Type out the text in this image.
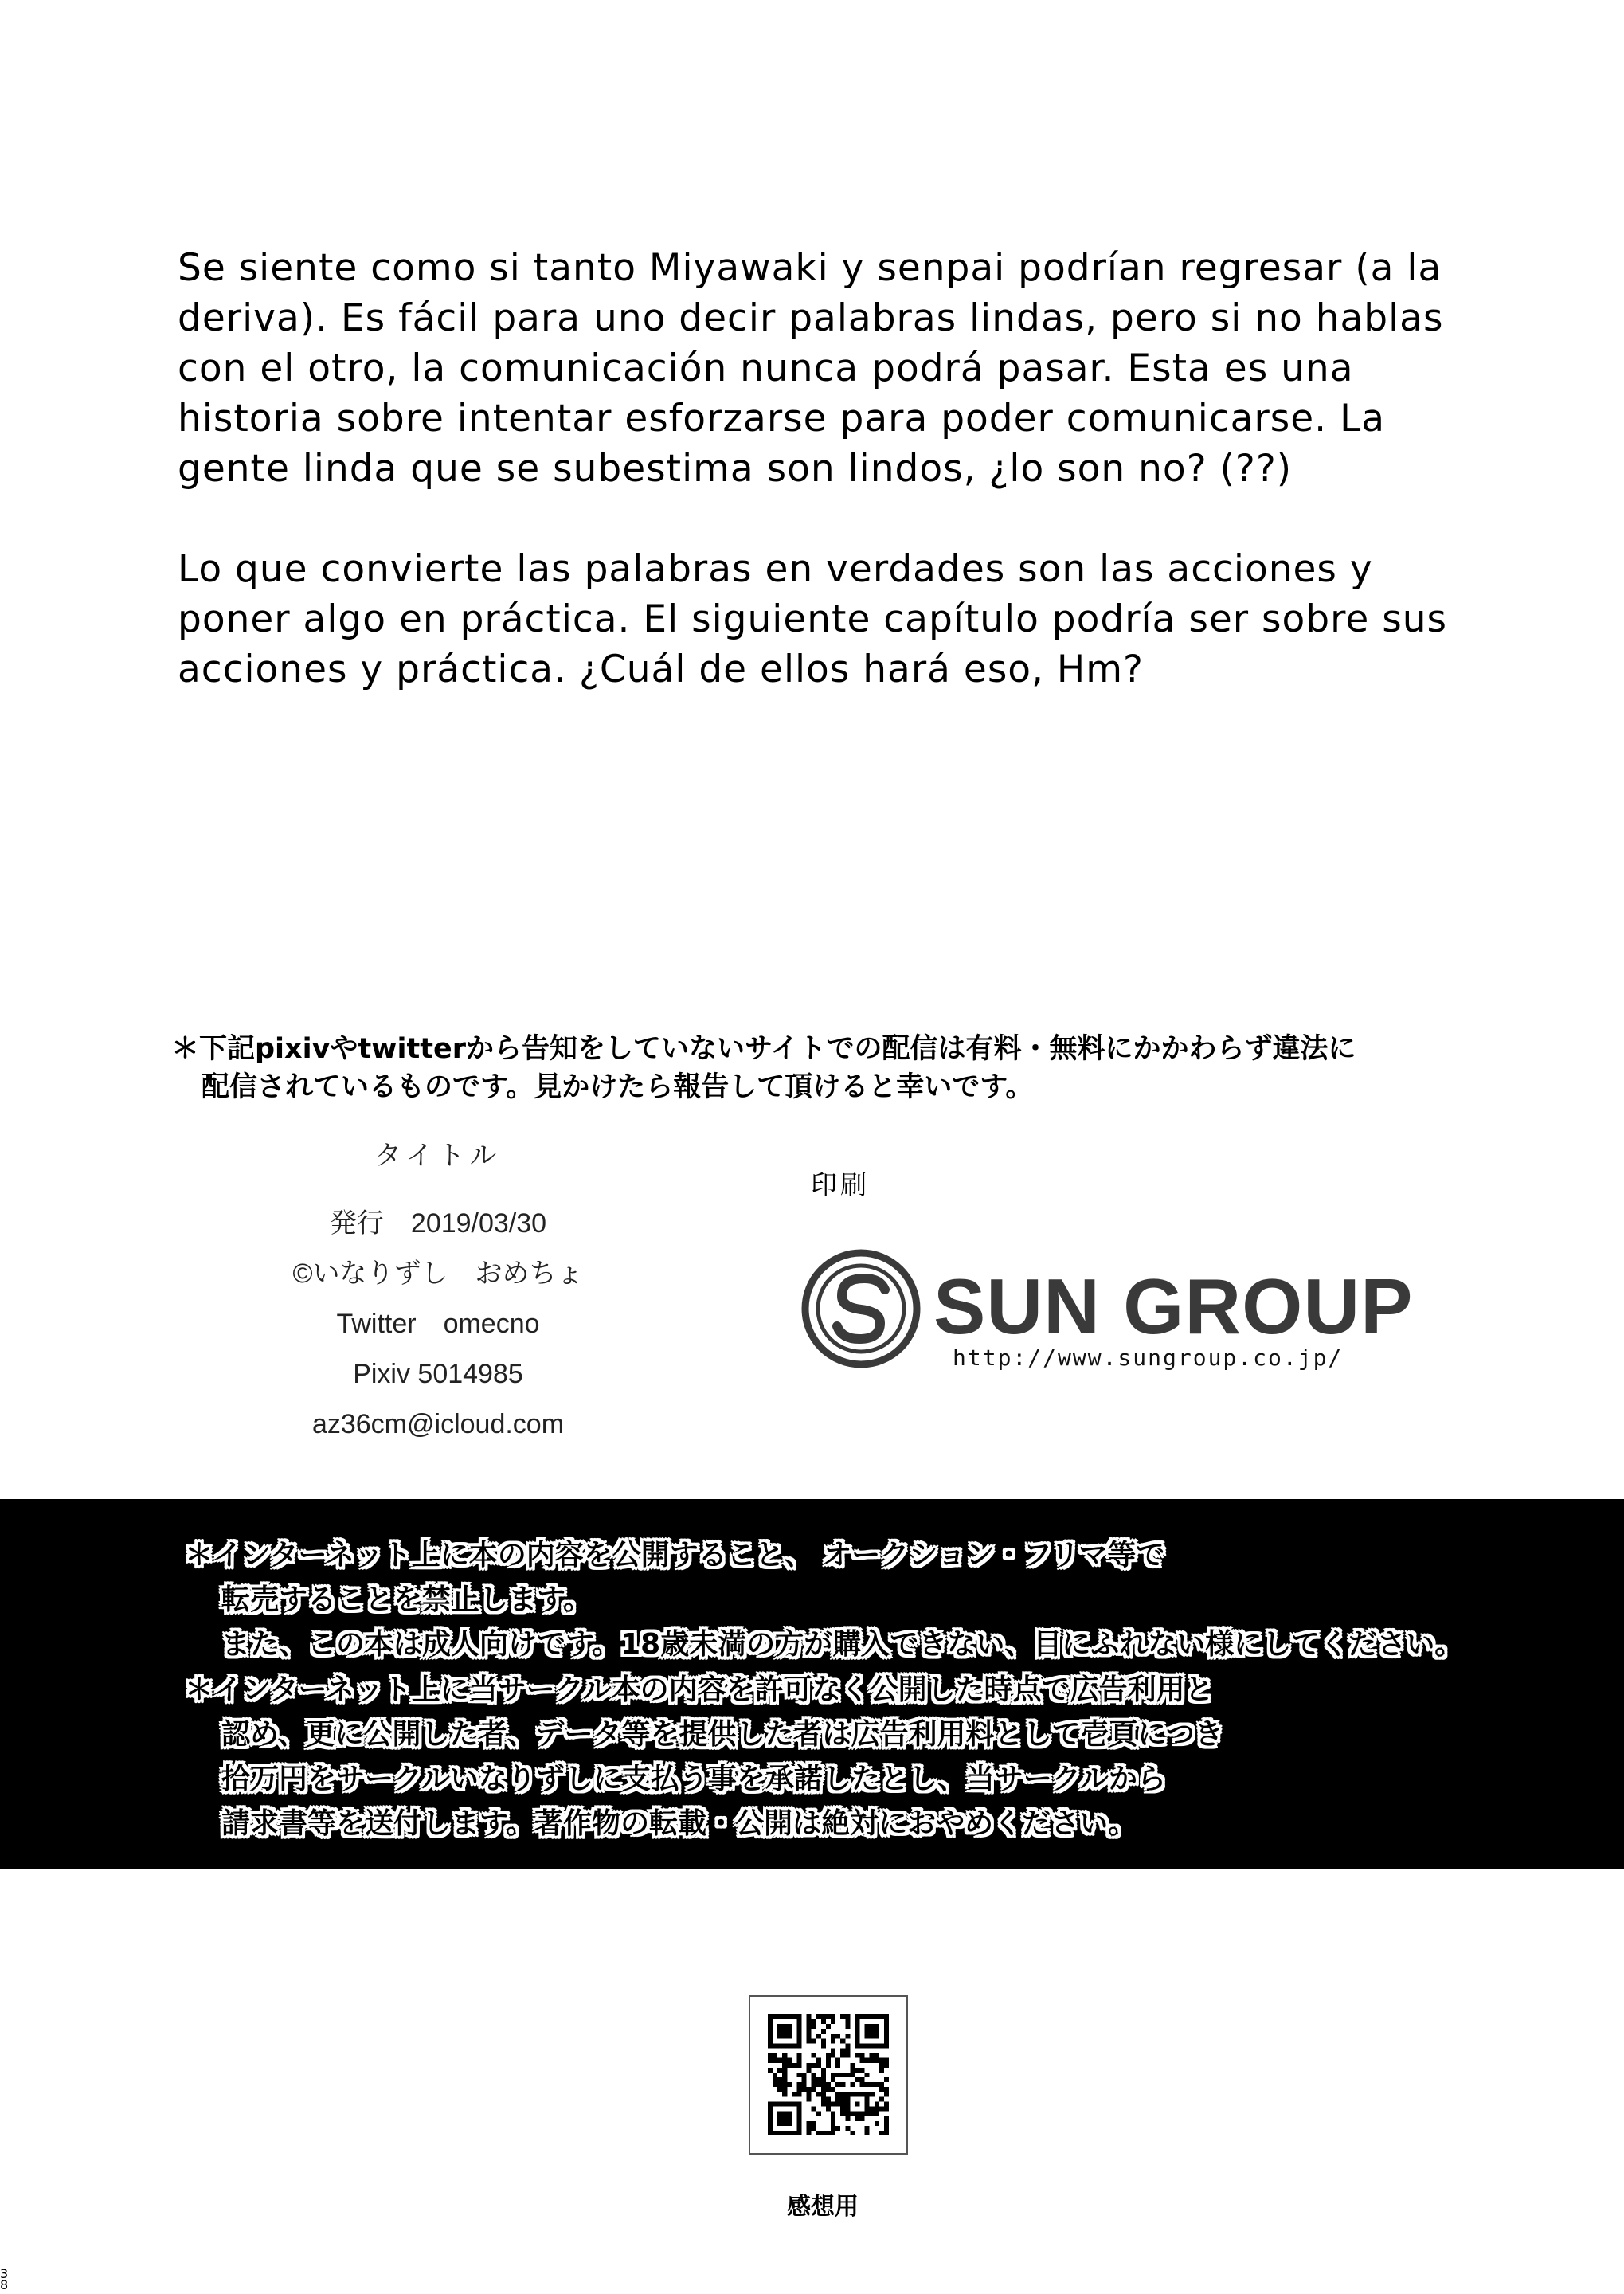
Se siente como si tanto Miyawaki y senpai podrían regresar (a la deriva). Es fácil para uno decir palabras lindas, pero si no hablas con el otro, la comunicación nunca podrá pasar. Esta es una historia sobre intentar esforzarse para poder comunicarse. La gente linda que se subestima son lindos, ¿lo son no? (??)

Lo que convierte las palabras en verdades son las acciones y poner algo en práctica. El siguiente capítulo podría ser sobre sus acciones y práctica. ¿Cuál de ellos hará eso, Hm?

＊下記pixivやtwitterから告知をしていないサイトでの配信は有料・無料にかかわらず違法に
配信されているものです。見かけたら報告して頂けると幸いです。
タイトル
発行　2019/03/30
©いなりずし　おめちょ
Twitter　omecno
Pixiv 5014985
az36cm@icloud.com
印刷
SUN GROUP
http://www.sungroup.co.jp/
＊インターネット上に本の内容を公開すること、 オークション・フリマ等で
転売することを禁止します。
また、この本は成人向けです。18歳未満の方が購入できない、目にふれない様にしてください。
＊インターネット上に当サークル本の内容を許可なく公開した時点で広告利用と
認め、更に公開した者、データ等を提供した者は広告利用料として壱頁につき
拾万円をサークルいなりずしに支払う事を承諾したとし、当サークルから
請求書等を送付します。著作物の転載・公開は絶対におやめください。
感想用
38
